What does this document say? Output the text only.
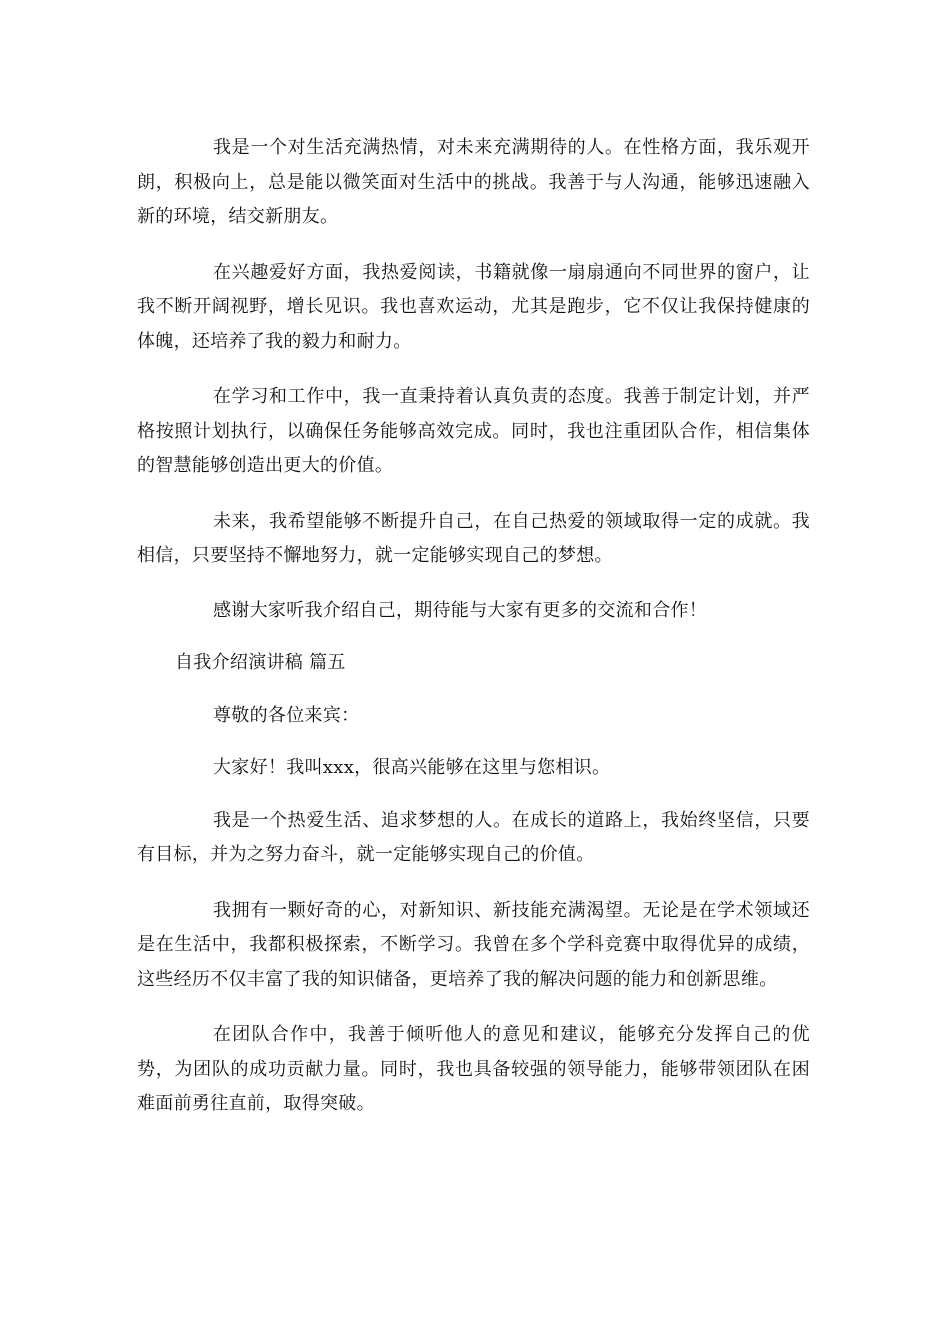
我是一个对生活充满热情，对未来充满期待的人。在性格方面，我乐观开朗，积极向上，总是能以微笑面对生活中的挑战。我善于与人沟通，能够迅速融入新的环境，结交新朋友。

在兴趣爱好方面，我热爱阅读，书籍就像一扇扇通向不同世界的窗户，让我不断开阔视野，增长见识。我也喜欢运动，尤其是跑步，它不仅让我保持健康的体魄，还培养了我的毅力和耐力。

在学习和工作中，我一直秉持着认真负责的态度。我善于制定计划，并严格按照计划执行，以确保任务能够高效完成。同时，我也注重团队合作，相信集体的智慧能够创造出更大的价值。

未来，我希望能够不断提升自己，在自己热爱的领域取得一定的成就。我相信，只要坚持不懈地努力，就一定能够实现自己的梦想。

感谢大家听我介绍自己，期待能与大家有更多的交流和合作！

自我介绍演讲稿 篇五

尊敬的各位来宾：

大家好！我叫xxx，很高兴能够在这里与您相识。

我是一个热爱生活、追求梦想的人。在成长的道路上，我始终坚信，只要有目标，并为之努力奋斗，就一定能够实现自己的价值。

我拥有一颗好奇的心，对新知识、新技能充满渴望。无论是在学术领域还是在生活中，我都积极探索，不断学习。我曾在多个学科竞赛中取得优异的成绩，这些经历不仅丰富了我的知识储备，更培养了我的解决问题的能力和创新思维。

在团队合作中，我善于倾听他人的意见和建议，能够充分发挥自己的优势，为团队的成功贡献力量。同时，我也具备较强的领导能力，能够带领团队在困难面前勇往直前，取得突破。
